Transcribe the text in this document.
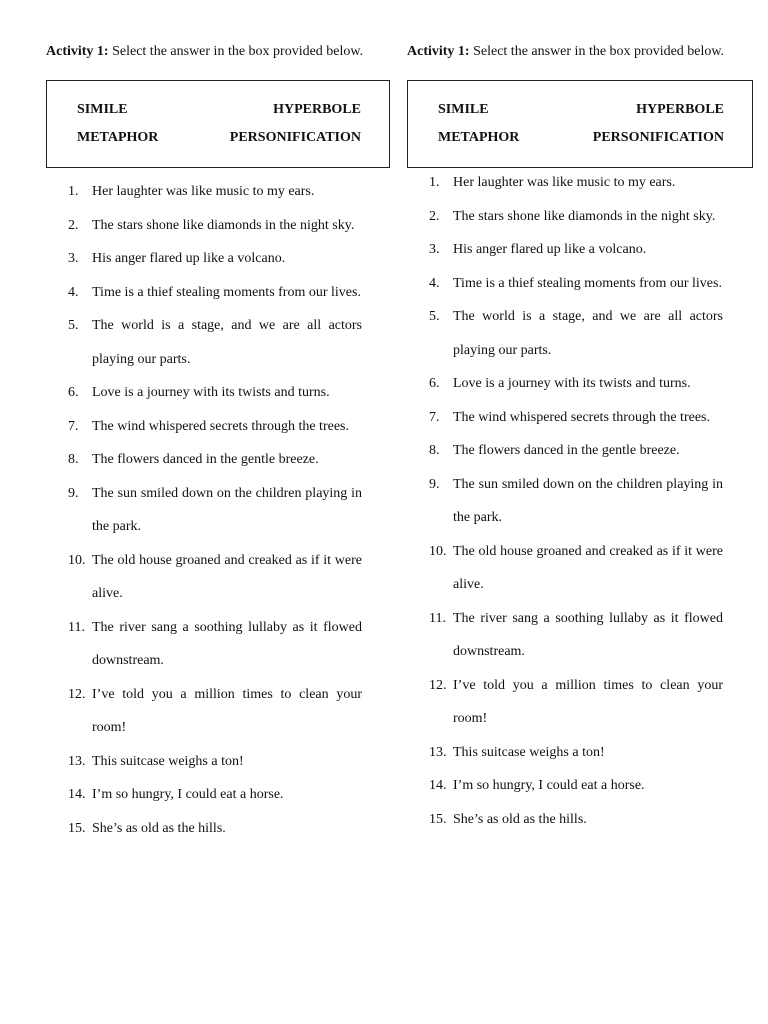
Activity 1: Select the answer in the box provided below.

SIMILE	HYPERBOLE
METAPHOR	PERSONIFICATION
1. Her laughter was like music to my ears.
2. The stars shone like diamonds in the night sky.
3. His anger flared up like a volcano.
4. Time is a thief stealing moments from our lives.
5. The world is a stage, and we are all actors playing our parts.
6. Love is a journey with its twists and turns.
7. The wind whispered secrets through the trees.
8. The flowers danced in the gentle breeze.
9. The sun smiled down on the children playing in the park.
10. The old house groaned and creaked as if it were alive.
11. The river sang a soothing lullaby as it flowed downstream.
12. I’ve told you a million times to clean your room!
13. This suitcase weighs a ton!
14. I’m so hungry, I could eat a horse.
15. She’s as old as the hills.

Activity 1: Select the answer in the box provided below.

SIMILE	HYPERBOLE
METAPHOR	PERSONIFICATION
1. Her laughter was like music to my ears.
2. The stars shone like diamonds in the night sky.
3. His anger flared up like a volcano.
4. Time is a thief stealing moments from our lives.
5. The world is a stage, and we are all actors playing our parts.
6. Love is a journey with its twists and turns.
7. The wind whispered secrets through the trees.
8. The flowers danced in the gentle breeze.
9. The sun smiled down on the children playing in the park.
10. The old house groaned and creaked as if it were alive.
11. The river sang a soothing lullaby as it flowed downstream.
12. I’ve told you a million times to clean your room!
13. This suitcase weighs a ton!
14. I’m so hungry, I could eat a horse.
15. She’s as old as the hills.
